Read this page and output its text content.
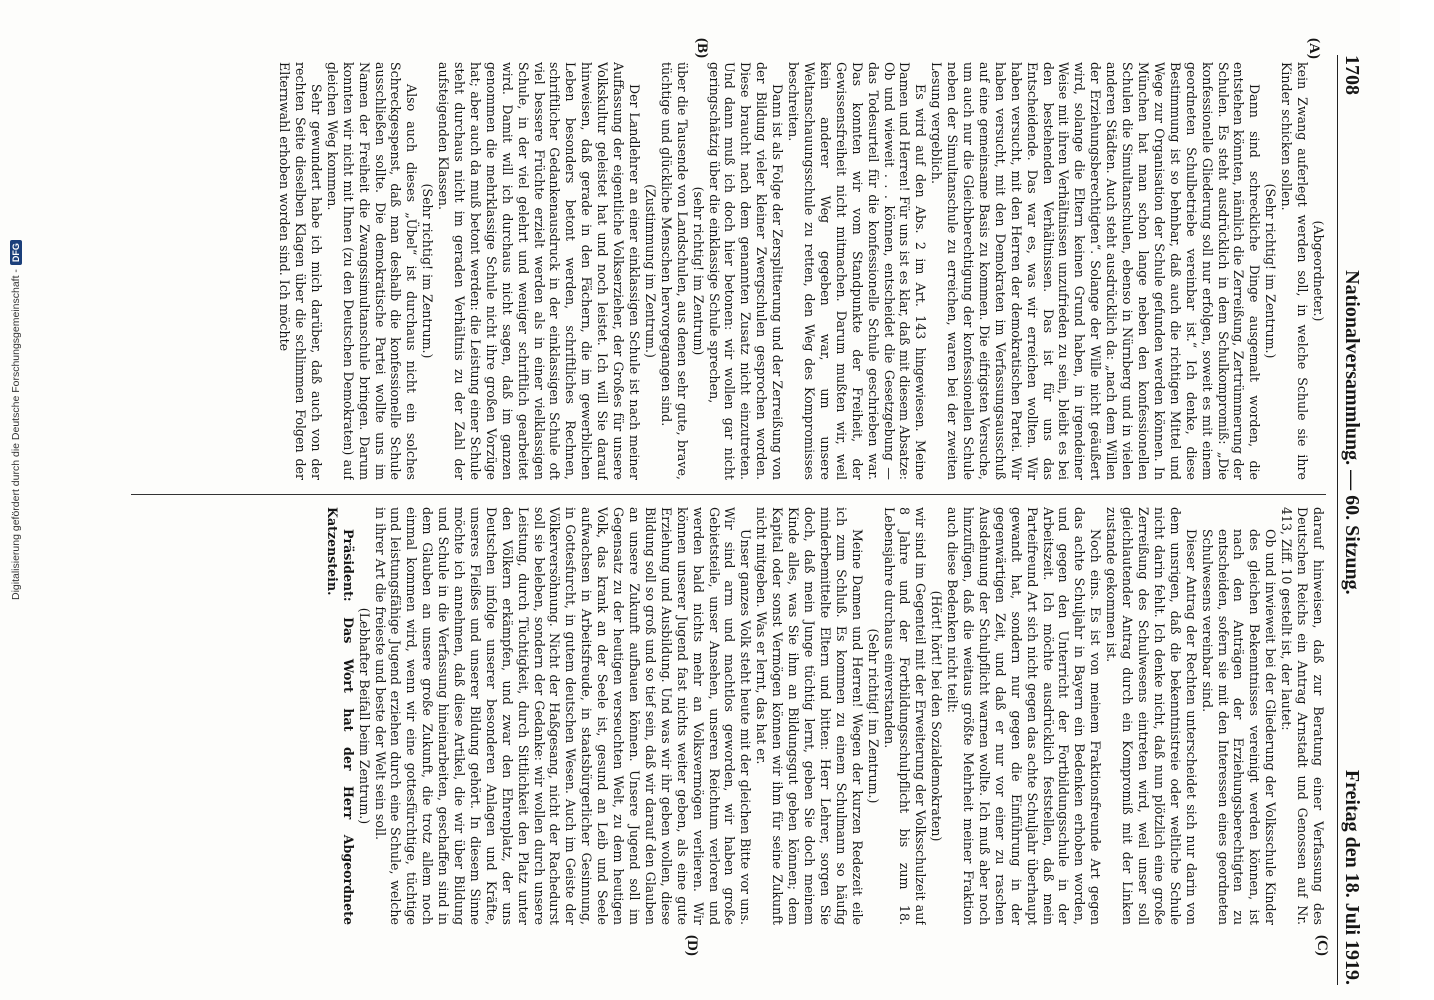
1708
Nationalversammlung. — 60. Sitzung.
Freitag den 18. Juli 1919.
(A)
(B)
(C)
(D)

(Abgeordneter.)

kein Zwang auferlegt werden soll, in welche Schule sie ihre Kinder schicken sollen.

(Sehr richtig! im Zentrum.)

Dann sind schreckliche Dinge ausgemalt worden, die entstehen könnten, nämlich die Zerreißung, Zertrümmerung der Schulen. Es steht ausdrücklich in dem Schulkompromiß: „Die konfessionelle Gliederung soll nur erfolgen, soweit es mit einem geordneten Schulbetriebe vereinbar ist.“ Ich denke, diese Bestimmung ist so behnbar, daß auch die richtigen Mittel und Wege zur Organisation der Schule gefunden werden können. In München hat man schon lange neben den konfessionellen Schulen die Simultanschulen, ebenso in Nürnberg und in vielen anderen Städten. Auch steht ausdrücklich da: „nach dem Willen der Erziehungsberechtigten“. Solange der Wille nicht geäußert wird, solange die Eltern keinen Grund haben, in irgendeiner Weise mit ihren Verhältnissen unzufrieden zu sein, bleibt es bei den bestehenden Verhältnissen. Das ist für uns das Entscheidende. Das war es, was wir erreichen wollten. Wir haben versucht, mit den Herren der demokratischen Partei. Wir haben versucht, mit den Demokraten im Verfassungsausschuß auf eine gemeinsame Basis zu kommen. Die eifrigsten Versuche, um auch nur die Gleichberechtigung der konfessionellen Schule neben der Simultanschule zu erreichen, waren bei der zweiten Lesung vergeblich.

Es wird auf den Abs. 2 im Art. 143 hingewiesen. Meine Damen und Herren! Für uns ist es klar, daß mit diesem Absatze: Ob und wieweit . . . können, entscheidet die Gesetzgebung — das Todesurteil für die konfessionelle Schule geschrieben war. Das konnten wir vom Standpunkte der Freiheit, der Gewissensfreiheit nicht mitmachen. Darum mußten wir, weil kein anderer Weg gegeben war, um unsere Weltanschauungsschule zu retten, den Weg des Kompromisses beschreiten.

Dann ist als Folge der Zersplitterung und der Zerreißung von der Bildung vieler kleiner Zwergschulen gesprochen worden. Diese braucht nach dem genannten Zusatz nicht einzutreten. Und dann muß ich doch hier betonen: wir wollen gar nicht geringschätzig über die einklassige Schule sprechen,

(sehr richtig! im Zentrum)

über die Tausende von Landschulen, aus denen sehr gute, brave, tüchtige und glückliche Menschen hervorgegangen sind.

(Zustimmung im Zentrum.)

Der Landlehrer an einer einklassigen Schule ist nach meiner Auffassung der eigentliche Volkserzieher, der Großes für unsere Volkskultur geleistet hat und noch leistet. Ich will Sie darauf hinweisen, daß gerade in den Fächern, die im gewerblichen Leben besonders betont werden, schriftliches Rechnen, schriftlicher Gedankenausdruck in der einklassigen Schule oft viel bessere Früchte erzielt werden als in einer vielklassigen Schule, in der viel gelehrt und weniger schriftlich gearbeitet wird. Damit will ich durchaus nicht sagen, daß im ganzen genommen die mehrklassige Schule nicht ihre großen Vorzüge hat; aber auch da muß betont werden: die Leistung einer Schule steht durchaus nicht im geraden Verhältnis zu der Zahl der aufsteigenden Klassen.

(Sehr richtig! im Zentrum.)

Also auch dieses „Übel“ ist durchaus nicht ein solches Schreckgespenst, daß man deshalb die konfessionelle Schule ausschließen sollte. Die demokratische Partei wollte uns im Namen der Freiheit die Zwangssimultanschule bringen. Darum konnten wir nicht mit Ihnen (zu den Deutschen Demokraten) auf gleichen Weg kommen.

Sehr gewundert habe ich mich darüber, daß auch von der rechten Seite dieselben Klagen über die schlimmen Folgen der Elternwahl erhoben worden sind. Ich möchte

darauf hinweisen, daß zur Beratung einer Verfassung des Deutschen Reichs ein Antrag Arnstadt und Genossen auf Nr. 413, Ziff. 10 gestellt ist, der lautet:

Ob und inwieweit bei der Gliederung der Volksschule Kinder des gleichen Bekenntnisses vereinigt werden können, ist nach den Anträgen der Erziehungsberechtigten zu entscheiden, sofern sie mit den Interessen eines geordneten Schulwesens vereinbar sind.

Dieser Antrag der Rechten unterscheidet sich nur darin von dem unsrigen, daß die bekenntnistreie oder weltliche Schule nicht darin fehlt. Ich denke nicht, daß nun plötzlich eine große Zerreißung des Schulwesens eintreten wird, weil unser soll gleichlautender Antrag durch ein Kompromiß mit der Linken zustande gekommen ist.

Noch eins. Es ist von meinem Fraktionsfreunde Art gegen das achte Schuljahr in Bayern ein Bedenken erhoben worden, und gegen den Unterricht der Fortbildungsschule in der Arbeitszeit. Ich möchte ausdrücklich feststellen, daß mein Parteifreund Art sich nicht gegen das achte Schuljahr überhaupt gewandt hat, sondern nur gegen die Einführung in der gegenwärtigen Zeit, und daß er nur vor einer zu raschen Ausdehnung der Schulpflicht warnen wollte. Ich muß aber noch hinzufügen, daß die weitaus größte Mehrheit meiner Fraktion auch diese Bedenken nicht teilt:

(Hört! hört! bei den Sozialdemokraten)

wir sind im Gegenteil mit der Erweiterung der Volksschulzeit auf 8 Jahre und der Fortbildungsschulpflicht bis zum 18. Lebensjahre durchaus einverstanden.

(Sehr richtig! im Zentrum.)

Meine Damen und Herren! Wegen der kurzen Redezeit eile ich zum Schluß. Es kommen zu einem Schulmann so häufig minderbemittelte Eltern und bitten: Herr Lehrer, sorgen Sie doch, daß mein Junge tüchtig lernt, geben Sie doch meinem Kinde alles, was Sie ihm an Bildungsgut geben können; dem Kapital oder sonst Vermögen können wir ihm für seine Zukunft nicht mitgeben. Was er lernt, das hat er.

Unser ganzes Volk steht heute mit der gleichen Bitte vor uns. Wir sind arm und machtlos geworden, wir haben große Gebietsteile, unser Ansehen, unseren Reichtum verloren und werden bald nichts mehr an Volksvermögen verlieren. Wir können unserer Jugend fast nichts weiter geben, als eine gute Erziehung und Ausbildung. Und was wir ihr geben wollen, diese Bildung soll so groß und so tief sein, daß wir darauf den Glauben an unsere Zukunft aufbauen können. Unsere Jugend soll im Gegensatz zu der heutigen verseuchten Welt, zu dem heutigen Volk, das krank an der Seele ist, gesund an Leib und Seele aufwachsen in Arbeitsfreude, in staatsbürgerlicher Gesinnung, in Gottesfurcht, in gutem deutschen Wesen. Auch im Geiste der Völkerversöhnung. Nicht der Haßgesang, nicht der Rachedurst soll sie beleben, sondern der Gedanke: wir wollen durch unsere Leistung, durch Tüchtigkeit, durch Sittlichkeit den Platz unter den Völkern erkämpfen, und zwar den Ehrenplatz, der uns Deutschen infolge unserer besonderen Anlagen und Kräfte, unseres Fleißes und unserer Bildung gehört. In diesem Sinne möchte ich annehmen, daß diese Artikel, die wir über Bildung und Schule in die Verfassung hineinarbeiten, geschaffen sind in dem Glauben an unsere große Zukunft, die trotz allem noch einmal kommen wird, wenn wir eine gottesfürchtige, tüchtige und leistungsfähige Jugend erziehen durch eine Schule, welche in ihrer Art die freieste und beste der Welt sein soll.

(Lebhafter Beifall beim Zentrum.)

Präsident: Das Wort hat der Herr Abgeordnete Katzenstein.

Digitalisierung gefördert durch die Deutsche Forschungsgemeinschaft -
DFG
